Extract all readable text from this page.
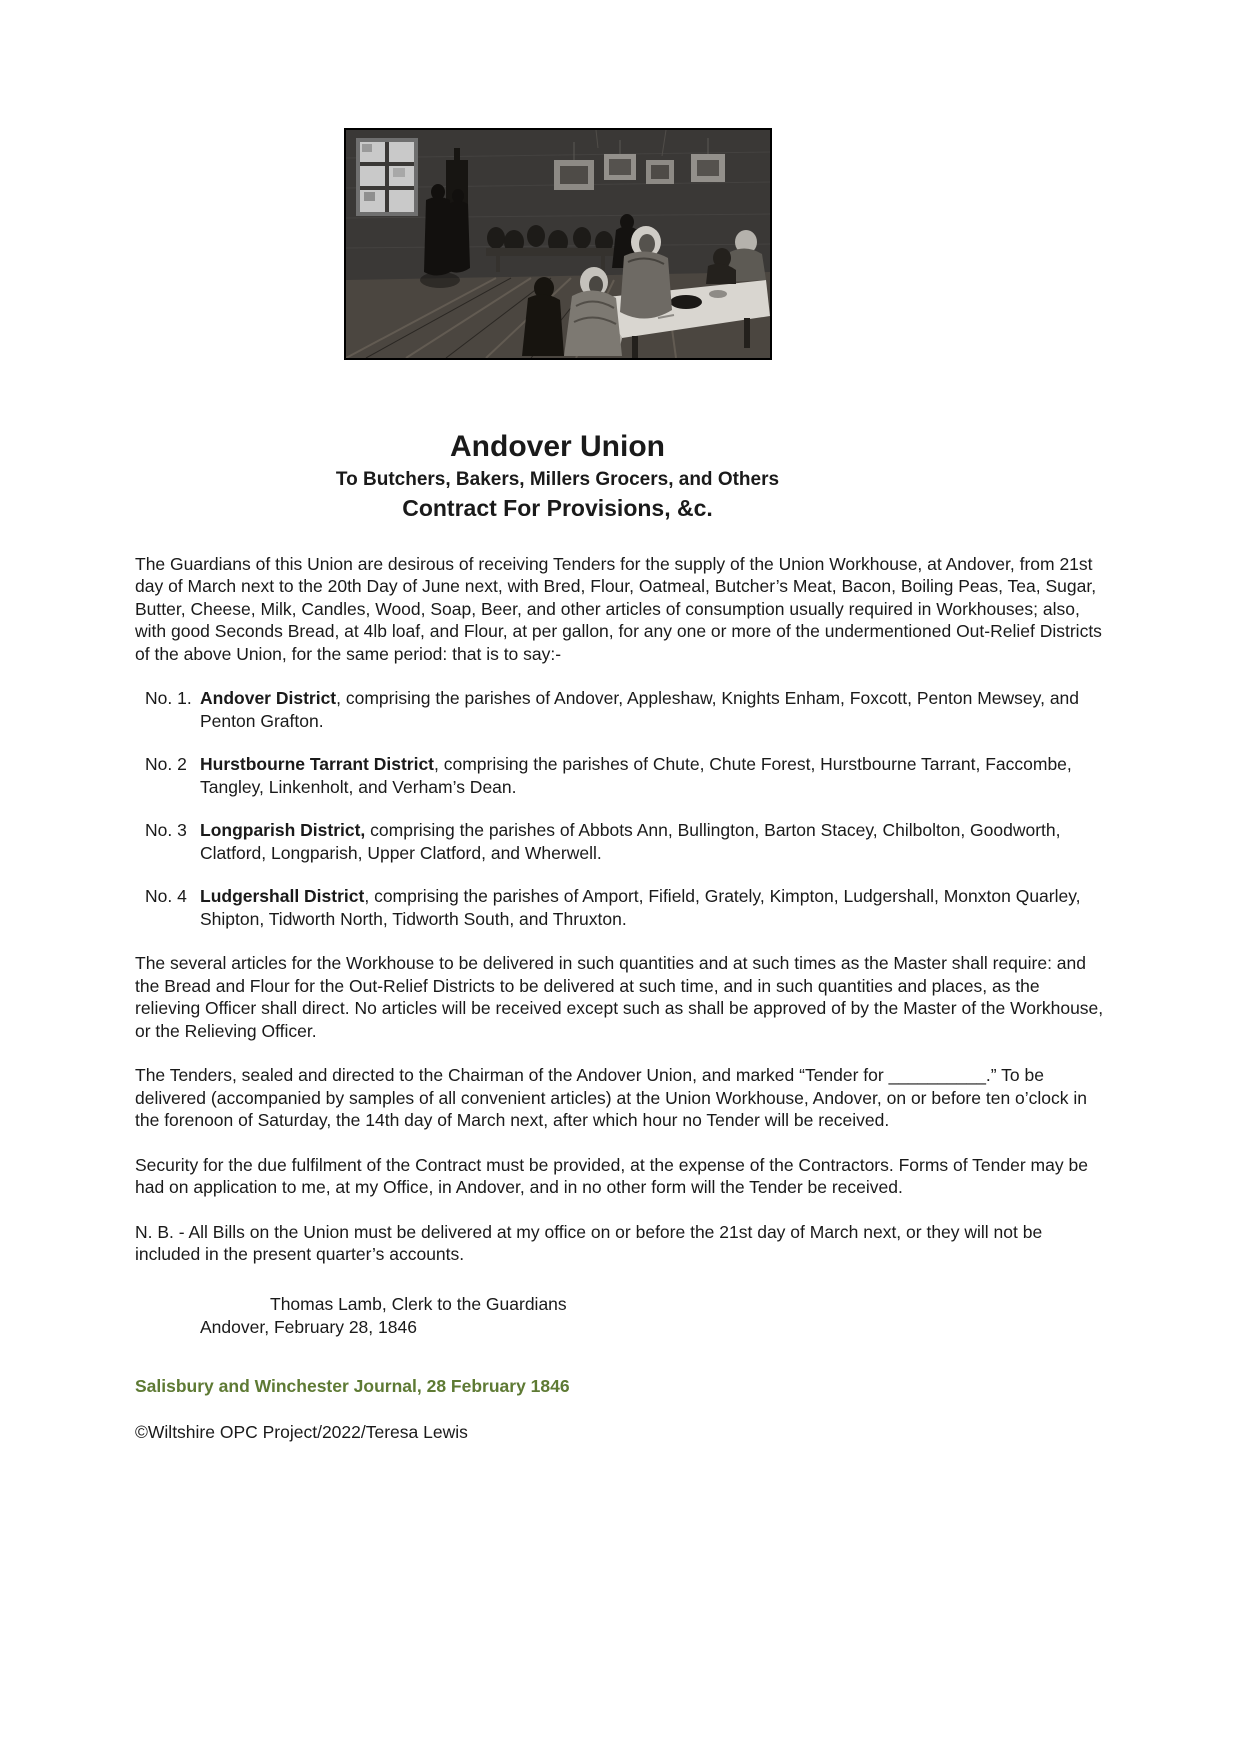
Andover Union
To Butchers, Bakers, Millers Grocers, and Others
Contract For Provisions, &c.

The Guardians of this Union are desirous of receiving Tenders for the supply of the Union Workhouse, at Andover, from 21st day of March next to the 20th Day of June next, with Bred, Flour, Oatmeal, Butcher’s Meat, Bacon, Boiling Peas, Tea, Sugar, Butter, Cheese, Milk, Candles, Wood, Soap, Beer, and other articles of consumption usually required in Workhouses; also, with good Seconds Bread, at 4lb loaf, and Flour, at per gallon, for any one or more of the undermentioned Out-Relief Districts of the above Union, for the same period: that is to say:-

No. 1. Andover District, comprising the parishes of Andover, Appleshaw, Knights Enham, Foxcott, Penton Mewsey, and Penton Grafton.
No. 2 Hurstbourne Tarrant District, comprising the parishes of Chute, Chute Forest, Hurstbourne Tarrant, Faccombe, Tangley, Linkenholt, and Verham’s Dean.
No. 3 Longparish District, comprising the parishes of Abbots Ann, Bullington, Barton Stacey, Chilbolton, Goodworth, Clatford, Longparish, Upper Clatford, and Wherwell.
No. 4 Ludgershall District, comprising the parishes of Amport, Fifield, Grately, Kimpton, Ludgershall, Monxton Quarley, Shipton, Tidworth North, Tidworth South, and Thruxton.

The several articles for the Workhouse to be delivered in such quantities and at such times as the Master shall require: and the Bread and Flour for the Out-Relief Districts to be delivered at such time, and in such quantities and places, as the relieving Officer shall direct. No articles will be received except such as shall be approved of by the Master of the Workhouse, or the Relieving Officer.

The Tenders, sealed and directed to the Chairman of the Andover Union, and marked “Tender for __________.” To be delivered (accompanied by samples of all convenient articles) at the Union Workhouse, Andover, on or before ten o’clock in the forenoon of Saturday, the 14th day of March next, after which hour no Tender will be received.

Security for the due fulfilment of the Contract must be provided, at the expense of the Contractors. Forms of Tender may be had on application to me, at my Office, in Andover, and in no other form will the Tender be received.

N. B. - All Bills on the Union must be delivered at my office on or before the 21st day of March next, or they will not be included in the present quarter’s accounts.

Thomas Lamb, Clerk to the Guardians
Andover, February 28, 1846

Salisbury and Winchester Journal, 28 February 1846

©Wiltshire OPC Project/2022/Teresa Lewis
